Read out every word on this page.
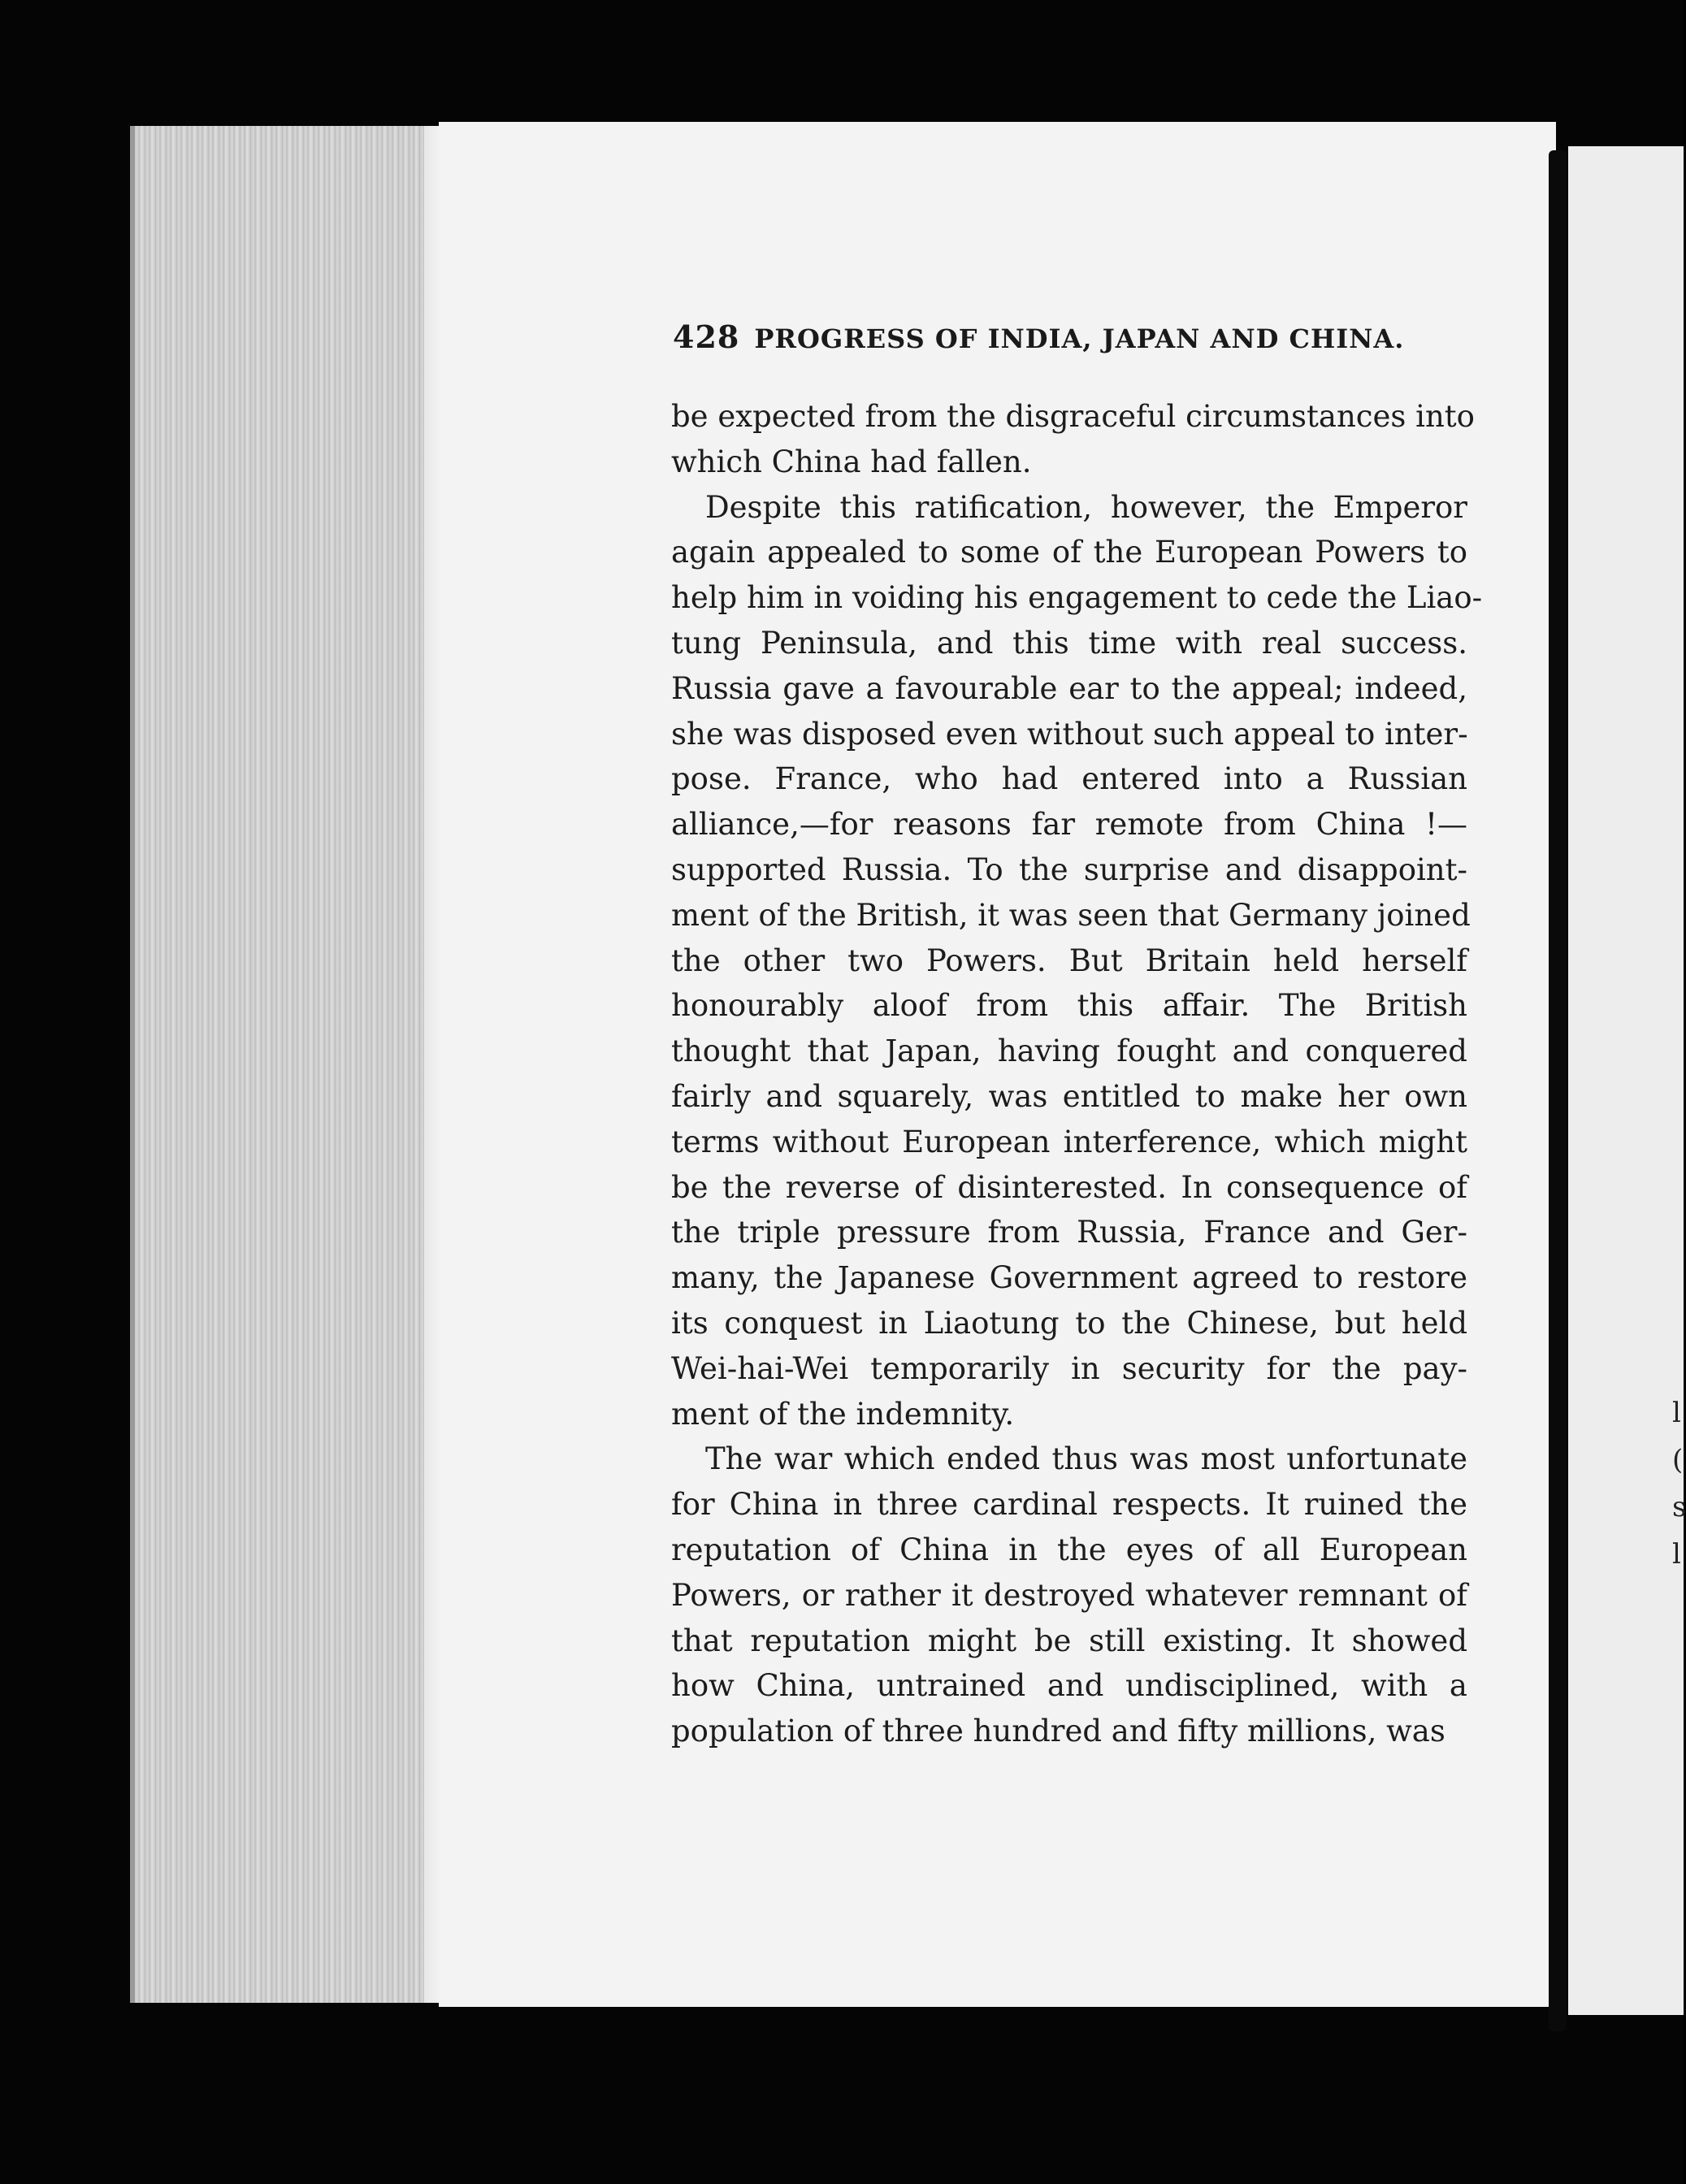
l
(
s
l
428 PROGRESS OF INDIA, JAPAN AND CHINA.
be expected from the disgraceful circumstances into
which China had fallen.
Despite this ratification, however, the Emperor
again appealed to some of the European Powers to
help him in voiding his engagement to cede the Liao-
tung Peninsula, and this time with real success.
Russia gave a favourable ear to the appeal; indeed,
she was disposed even without such appeal to inter-
pose. France, who had entered into a Russian
alliance,—for reasons far remote from China !—
supported Russia. To the surprise and disappoint-
ment of the British, it was seen that Germany joined
the other two Powers. But Britain held herself
honourably aloof from this affair. The British
thought that Japan, having fought and conquered
fairly and squarely, was entitled to make her own
terms without European interference, which might
be the reverse of disinterested. In consequence of
the triple pressure from Russia, France and Ger-
many, the Japanese Government agreed to restore
its conquest in Liaotung to the Chinese, but held
Wei-hai-Wei temporarily in security for the pay-
ment of the indemnity.
The war which ended thus was most unfortunate
for China in three cardinal respects. It ruined the
reputation of China in the eyes of all European
Powers, or rather it destroyed whatever remnant of
that reputation might be still existing. It showed
how China, untrained and undisciplined, with a
population of three hundred and fifty millions, was
